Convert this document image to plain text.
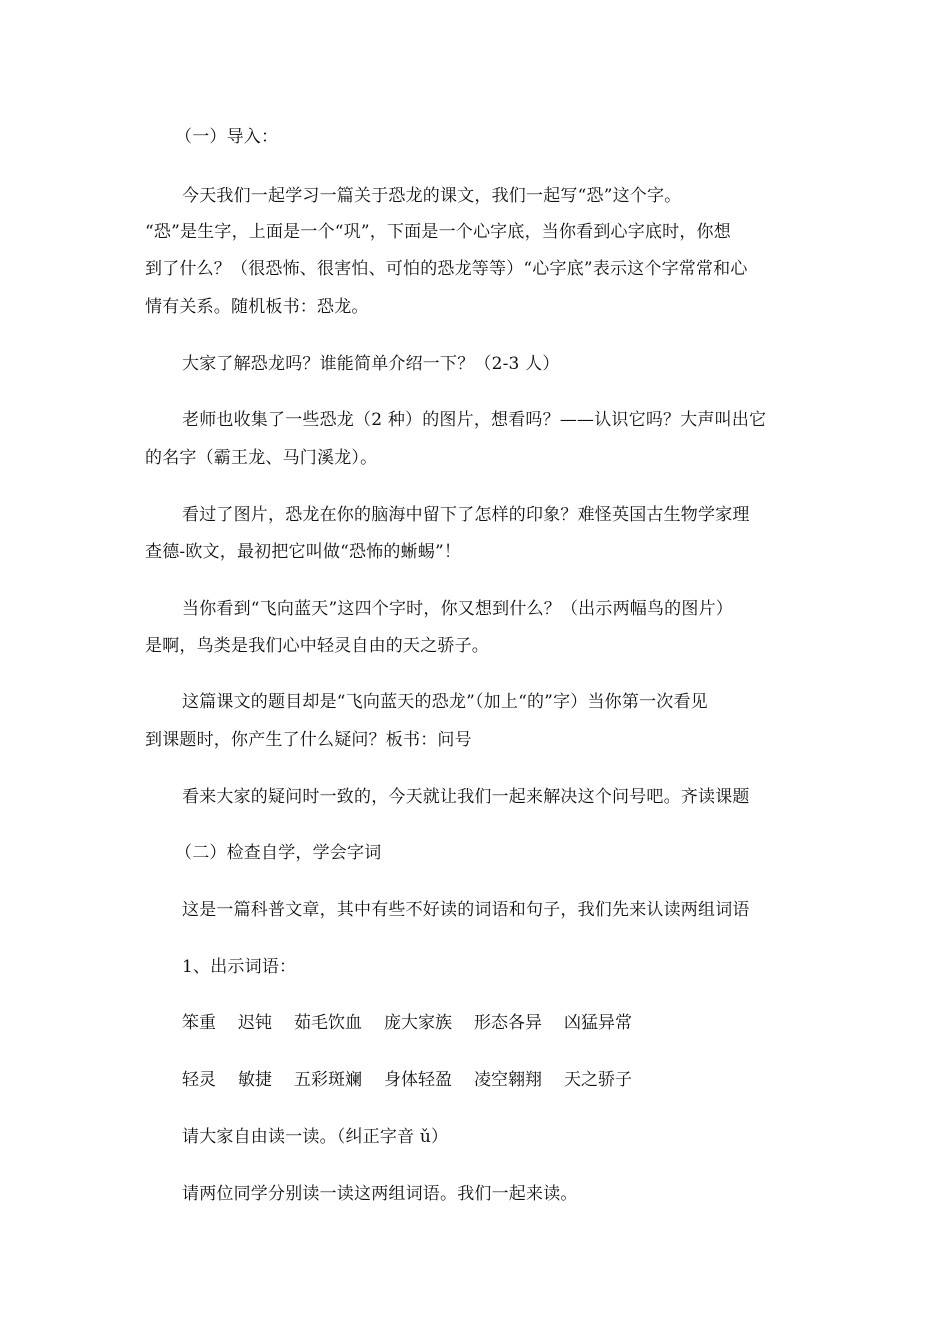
（一）导入：
今天我们一起学习一篇关于恐龙的课文，我们一起写“恐”这个字。
“恐”是生字，上面是一个“巩”，下面是一个心字底，当你看到心字底时，你想
到了什么？（很恐怖、很害怕、可怕的恐龙等等）“心字底”表示这个字常常和心
情有关系。随机板书：恐龙。
大家了解恐龙吗？谁能简单介绍一下？（2-3 人）
老师也收集了一些恐龙（2 种）的图片，想看吗？——认识它吗？大声叫出它
的名字（霸王龙、马门溪龙）。
看过了图片，恐龙在你的脑海中留下了怎样的印象？难怪英国古生物学家理
查德-欧文，最初把它叫做“恐怖的蜥蜴”！
当你看到“飞向蓝天”这四个字时，你又想到什么？（出示两幅鸟的图片）
是啊，鸟类是我们心中轻灵自由的天之骄子。
这篇课文的题目却是“飞向蓝天的恐龙”（加上“的”字）当你第一次看见
到课题时，你产生了什么疑问？板书：问号
看来大家的疑问时一致的，今天就让我们一起来解决这个问号吧。齐读课题
（二）检查自学，学会字词
这是一篇科普文章，其中有些不好读的词语和句子，我们先来认读两组词语
1、出示词语：
笨重 迟钝 茹毛饮血 庞大家族 形态各异 凶猛异常
轻灵 敏捷 五彩斑斓 身体轻盈 凌空翱翔 天之骄子
请大家自由读一读。（纠正字音 ǔ）
请两位同学分别读一读这两组词语。我们一起来读。
